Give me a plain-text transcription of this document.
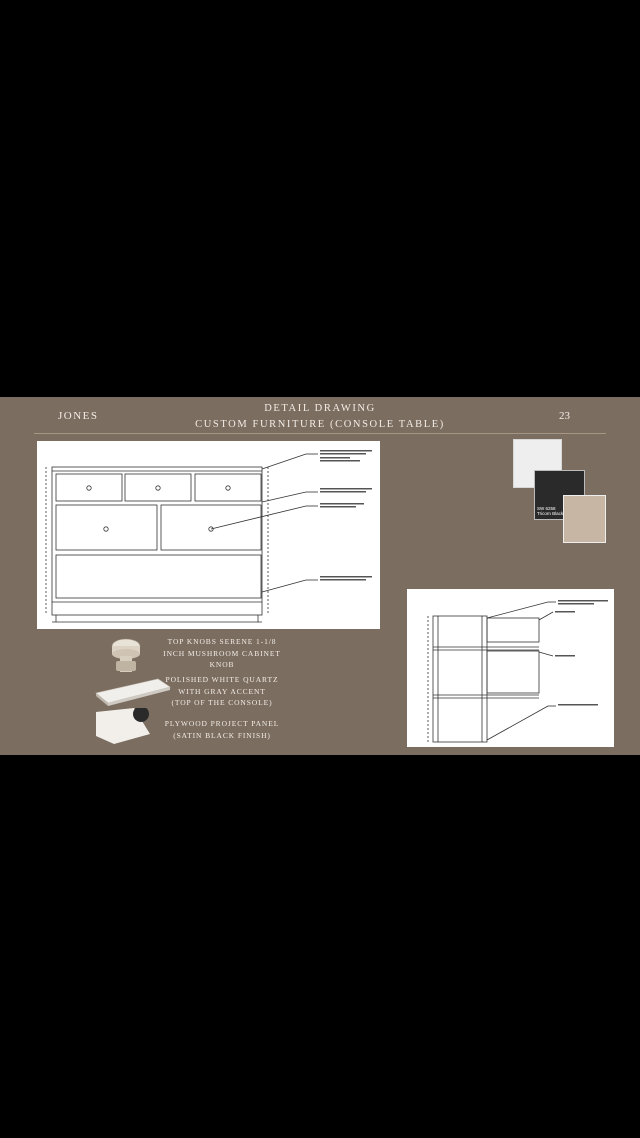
JONES
DETAIL DRAWING
CUSTOM FURNITURE (CONSOLE TABLE)
23
SW 6258
Tricorn Black
TOP KNOBS SERENE 1-1/8
INCH MUSHROOM CABINET
KNOB
POLISHED WHITE QUARTZ
WITH GRAY ACCENT
(TOP OF THE CONSOLE)
PLYWOOD PROJECT PANEL
(SATIN BLACK FINISH)
